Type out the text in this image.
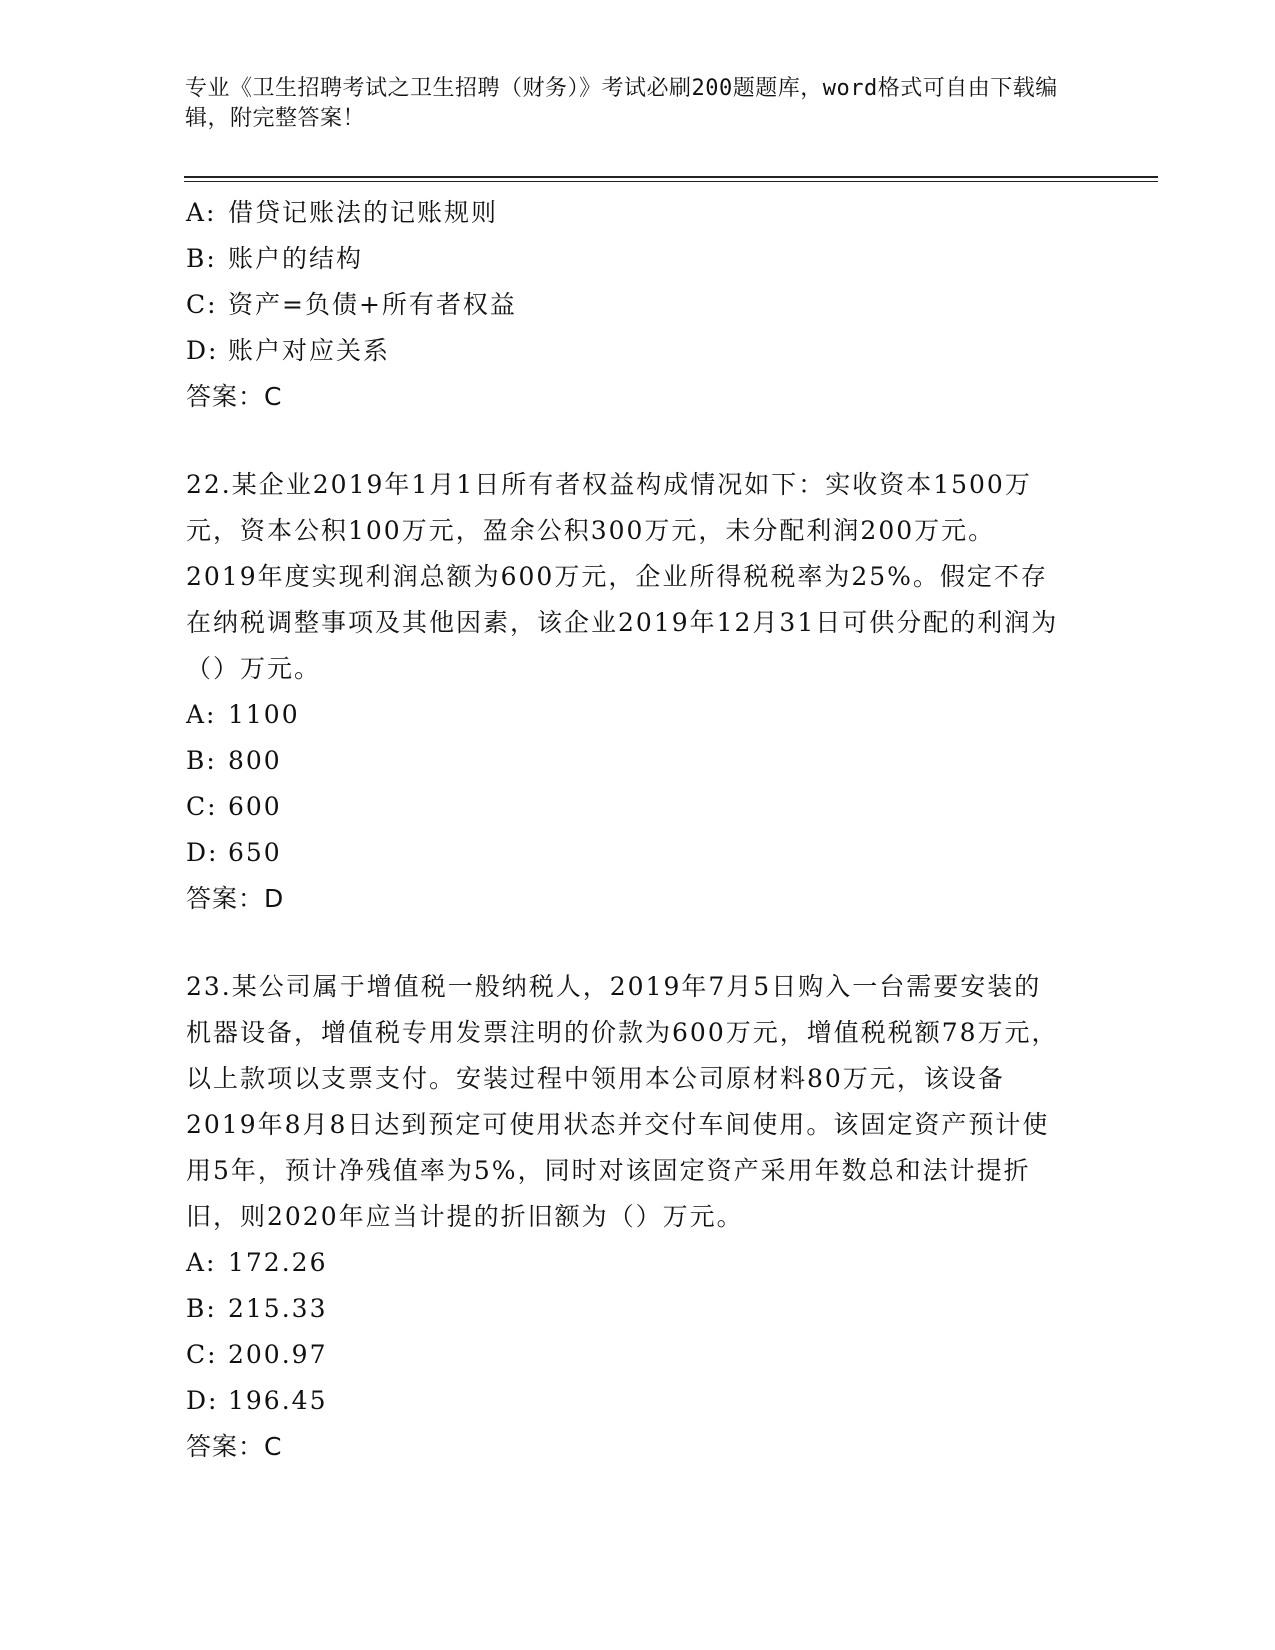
专业《卫生招聘考试之卫生招聘（财务）》考试必刷200题题库，word格式可自由下载编辑，附完整答案！
A: 借贷记账法的记账规则
B: 账户的结构
C: 资产=负债+所有者权益
D: 账户对应关系
答案：C

22.某企业2019年1月1日所有者权益构成情况如下：实收资本1500万元，资本公积100万元，盈余公积300万元，未分配利润200万元。2019年度实现利润总额为600万元，企业所得税税率为25%。假定不存在纳税调整事项及其他因素，该企业2019年12月31日可供分配的利润为（）万元。

A: 1100
B: 800
C: 600
D: 650
答案：D

23.某公司属于增值税一般纳税人，2019年7月5日购入一台需要安装的机器设备，增值税专用发票注明的价款为600万元，增值税税额78万元，以上款项以支票支付。安装过程中领用本公司原材料80万元，该设备2019年8月8日达到预定可使用状态并交付车间使用。该固定资产预计使用5年，预计净残值率为5%，同时对该固定资产采用年数总和法计提折旧，则2020年应当计提的折旧额为（）万元。

A: 172.26
B: 215.33
C: 200.97
D: 196.45
答案：C
